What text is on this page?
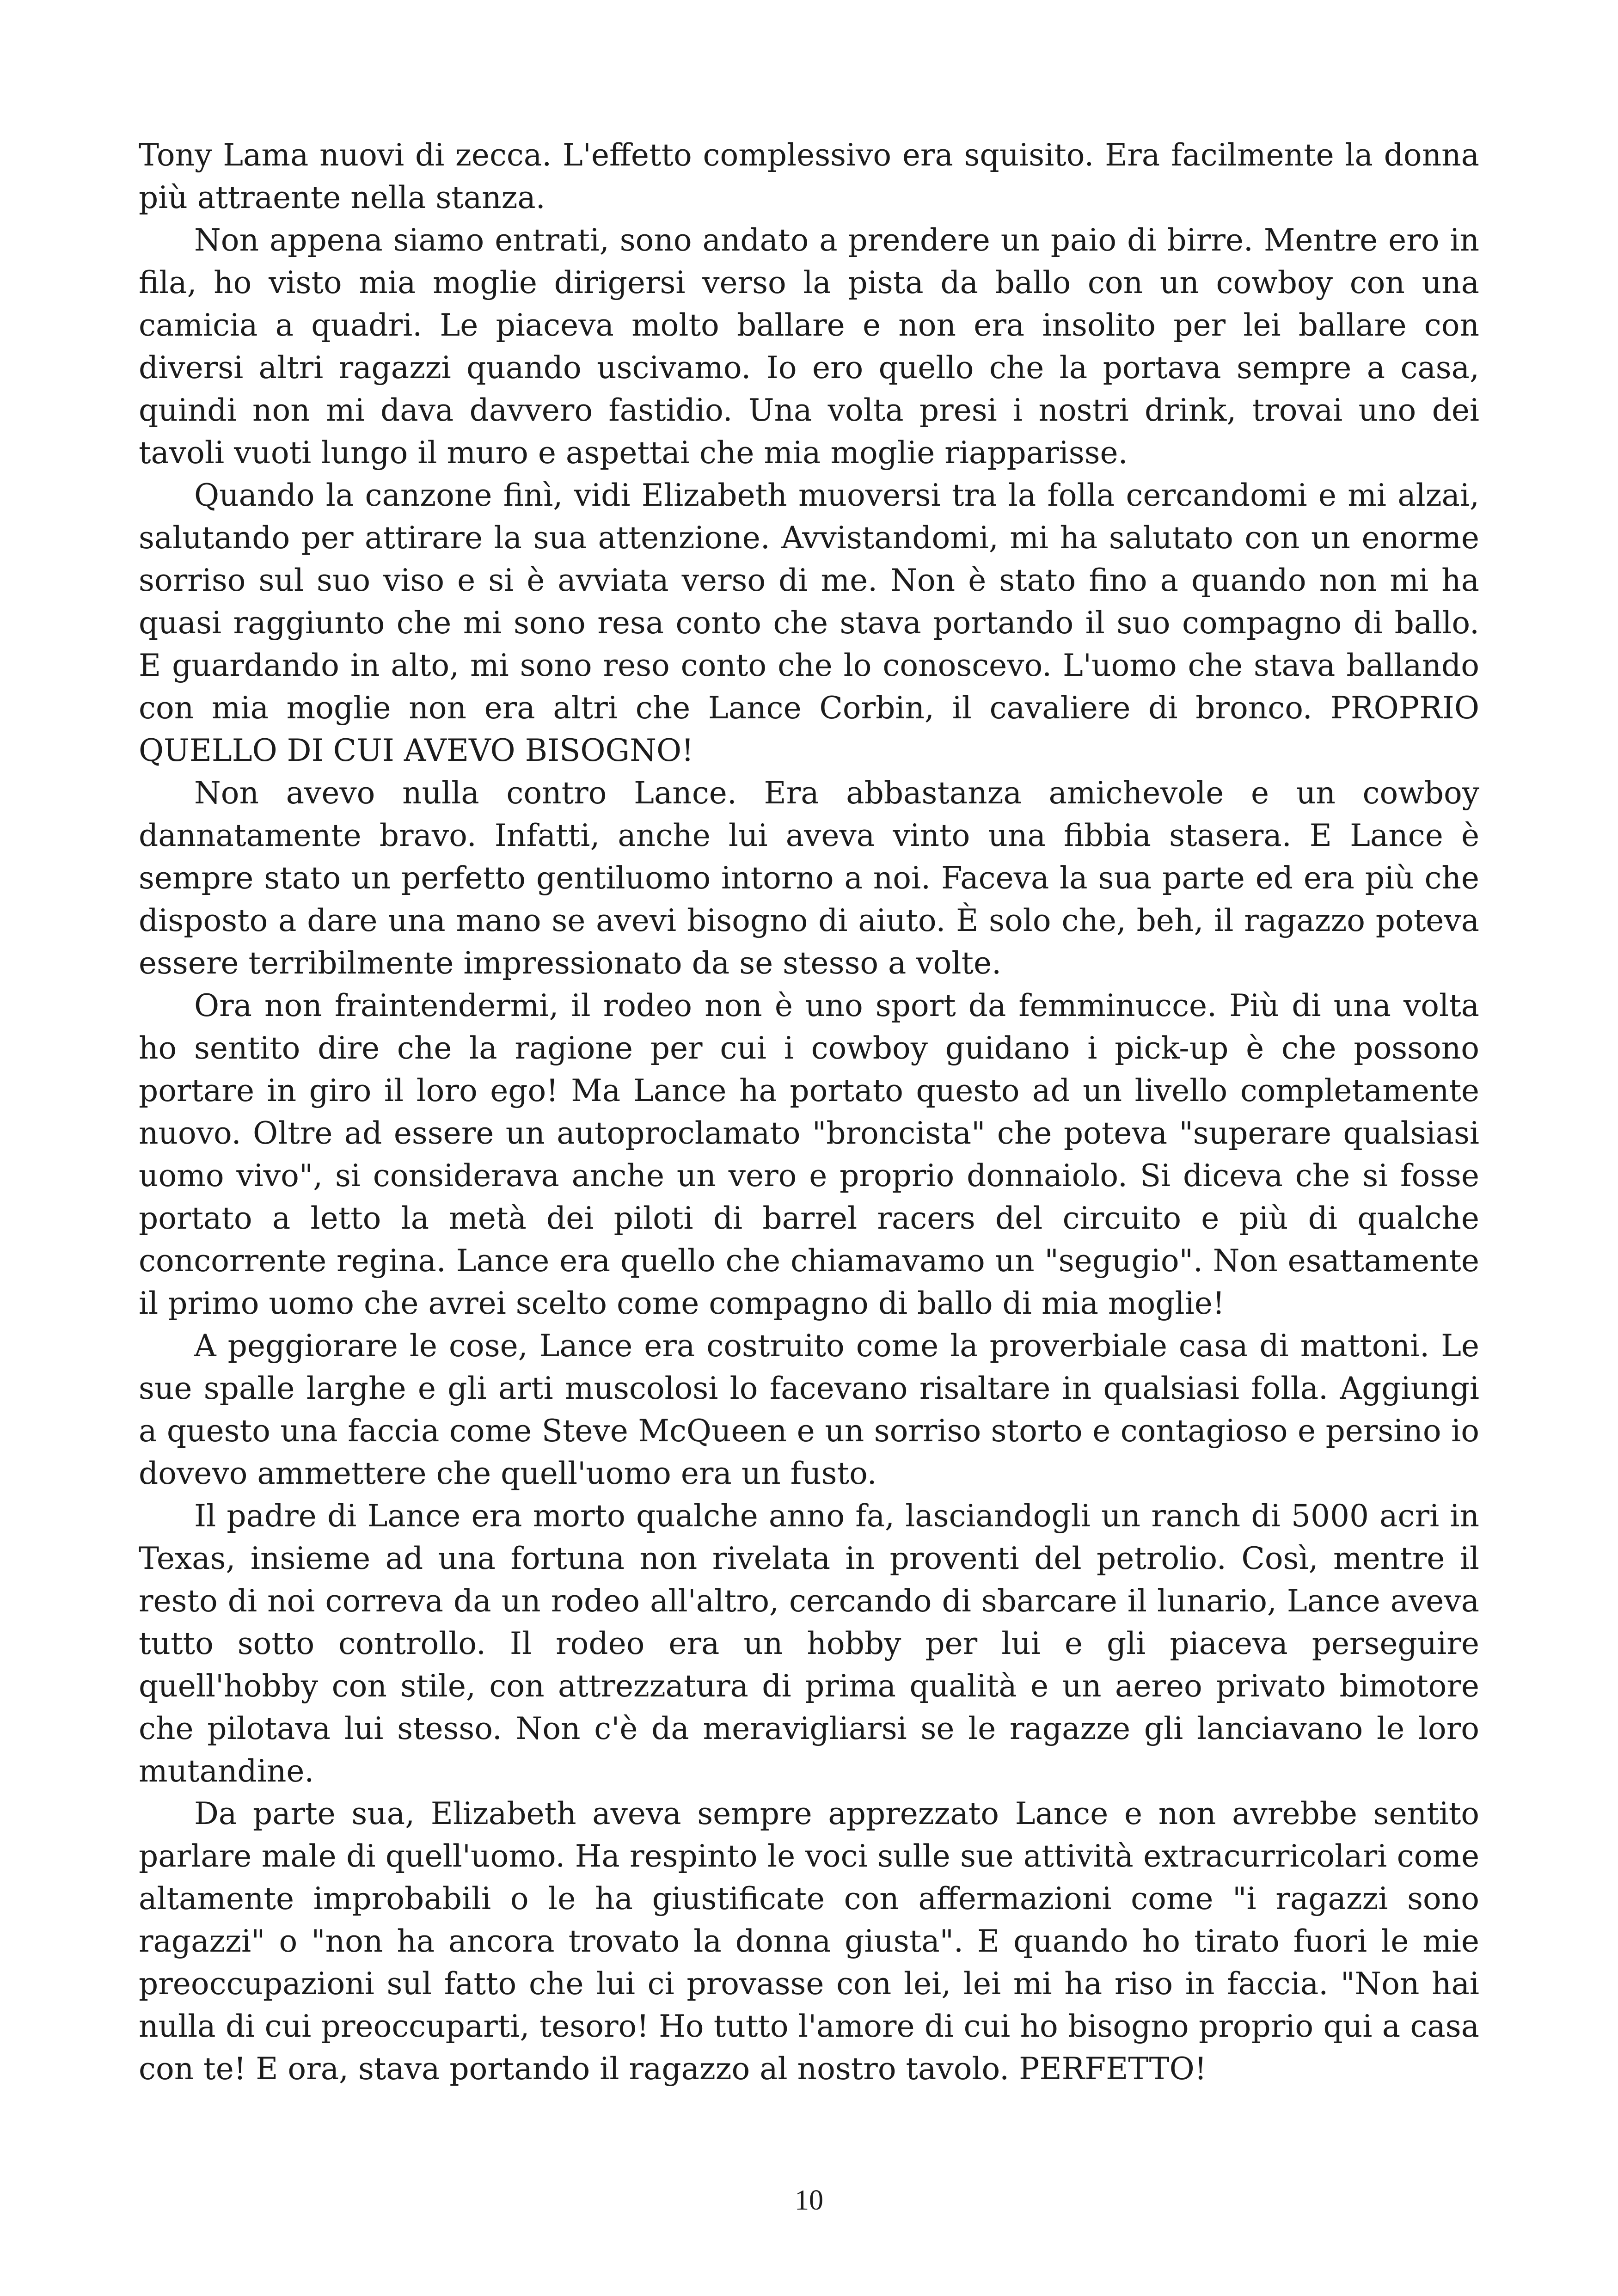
Tony Lama nuovi di zecca. L'effetto complessivo era squisito. Era facilmente la donna più attraente nella stanza.

Non appena siamo entrati, sono andato a prendere un paio di birre. Mentre ero in fila, ho visto mia moglie dirigersi verso la pista da ballo con un cowboy con una camicia a quadri. Le piaceva molto ballare e non era insolito per lei ballare con diversi altri ragazzi quando uscivamo. Io ero quello che la portava sempre a casa, quindi non mi dava davvero fastidio. Una volta presi i nostri drink, trovai uno dei tavoli vuoti lungo il muro e aspettai che mia moglie riapparisse.

Quando la canzone finì, vidi Elizabeth muoversi tra la folla cercandomi e mi alzai, salutando per attirare la sua attenzione. Avvistandomi, mi ha salutato con un enorme sorriso sul suo viso e si è avviata verso di me. Non è stato fino a quando non mi ha quasi raggiunto che mi sono resa conto che stava portando il suo compagno di ballo. E guardando in alto, mi sono reso conto che lo conoscevo. L'uomo che stava ballando con mia moglie non era altri che Lance Corbin, il cavaliere di bronco. PROPRIO QUELLO DI CUI AVEVO BISOGNO!

Non avevo nulla contro Lance. Era abbastanza amichevole e un cowboy dannatamente bravo. Infatti, anche lui aveva vinto una fibbia stasera. E Lance è sempre stato un perfetto gentiluomo intorno a noi. Faceva la sua parte ed era più che disposto a dare una mano se avevi bisogno di aiuto. È solo che, beh, il ragazzo poteva essere terribilmente impressionato da se stesso a volte.

Ora non fraintendermi, il rodeo non è uno sport da femminucce. Più di una volta ho sentito dire che la ragione per cui i cowboy guidano i pick-up è che possono portare in giro il loro ego! Ma Lance ha portato questo ad un livello completamente nuovo. Oltre ad essere un autoproclamato "broncista" che poteva "superare qualsiasi uomo vivo", si considerava anche un vero e proprio donnaiolo. Si diceva che si fosse portato a letto la metà dei piloti di barrel racers del circuito e più di qualche concorrente regina. Lance era quello che chiamavamo un "segugio". Non esattamente il primo uomo che avrei scelto come compagno di ballo di mia moglie!

A peggiorare le cose, Lance era costruito come la proverbiale casa di mattoni. Le sue spalle larghe e gli arti muscolosi lo facevano risaltare in qualsiasi folla. Aggiungi a questo una faccia come Steve McQueen e un sorriso storto e contagioso e persino io dovevo ammettere che quell'uomo era un fusto.

Il padre di Lance era morto qualche anno fa, lasciandogli un ranch di 5000 acri in Texas, insieme ad una fortuna non rivelata in proventi del petrolio. Così, mentre il resto di noi correva da un rodeo all'altro, cercando di sbarcare il lunario, Lance aveva tutto sotto controllo. Il rodeo era un hobby per lui e gli piaceva perseguire quell'hobby con stile, con attrezzatura di prima qualità e un aereo privato bimotore che pilotava lui stesso. Non c'è da meravigliarsi se le ragazze gli lanciavano le loro mutandine.

Da parte sua, Elizabeth aveva sempre apprezzato Lance e non avrebbe sentito parlare male di quell'uomo. Ha respinto le voci sulle sue attività extracurricolari come altamente improbabili o le ha giustificate con affermazioni come "i ragazzi sono ragazzi" o "non ha ancora trovato la donna giusta". E quando ho tirato fuori le mie preoccupazioni sul fatto che lui ci provasse con lei, lei mi ha riso in faccia. "Non hai nulla di cui preoccuparti, tesoro! Ho tutto l'amore di cui ho bisogno proprio qui a casa con te! E ora, stava portando il ragazzo al nostro tavolo. PERFETTO!

10
